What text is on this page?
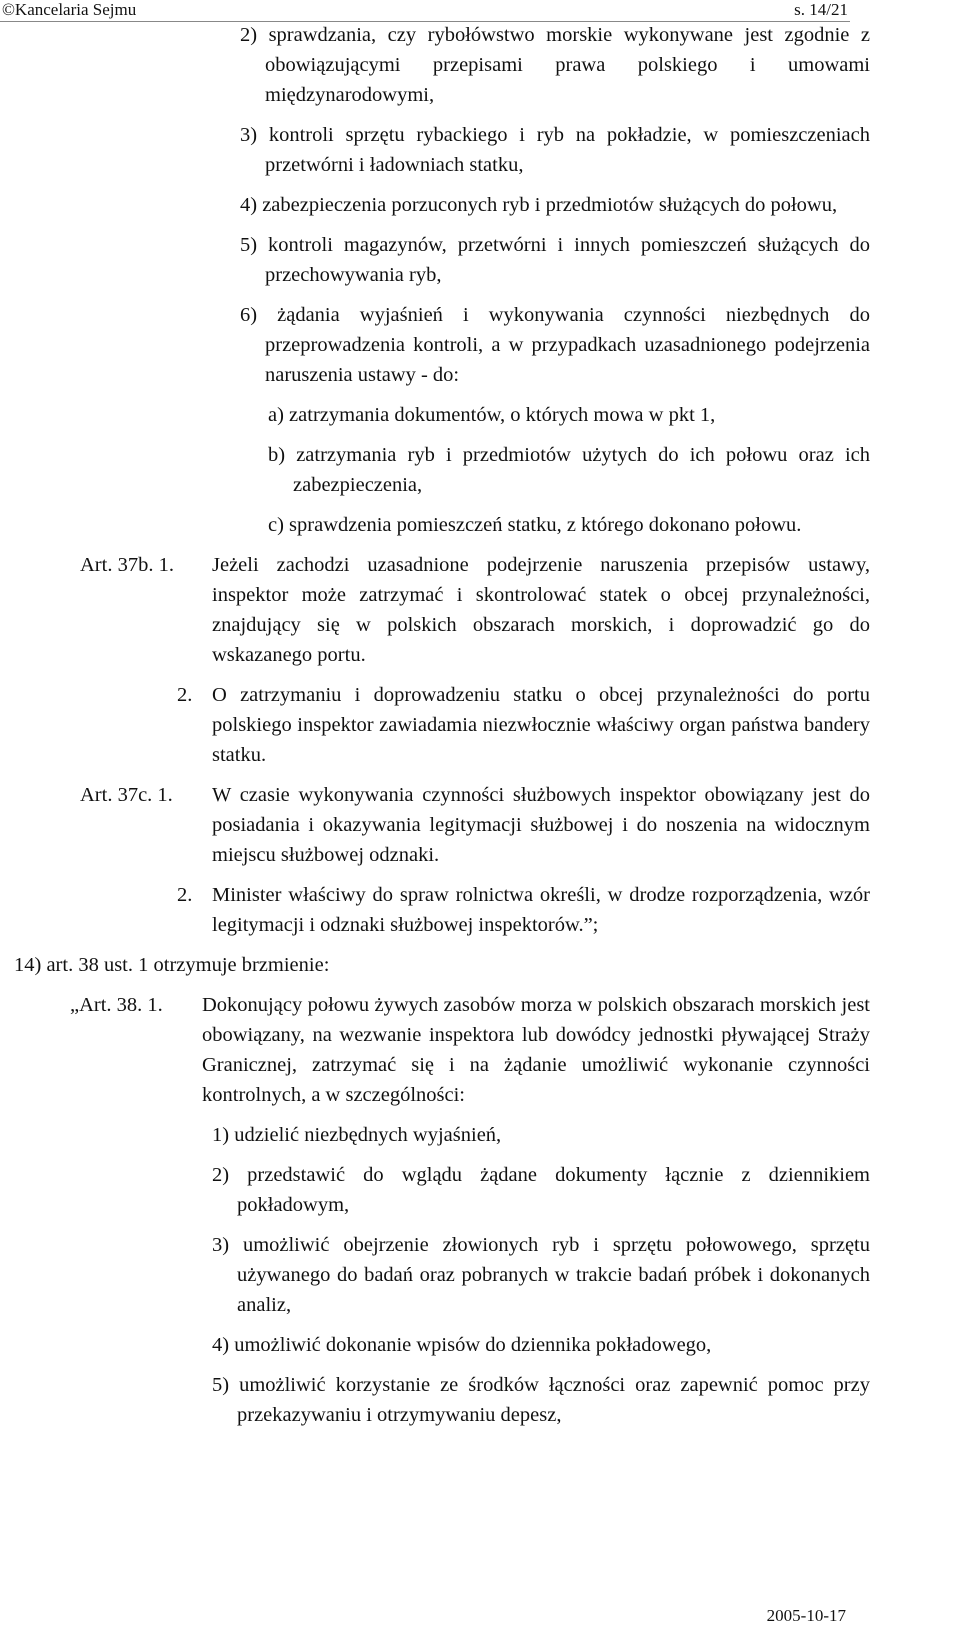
©Kancelaria Sejmu	s. 14/21

2) sprawdzania, czy rybołówstwo morskie wykonywane jest zgodnie z obowiązującymi przepisami prawa polskiego i umowami międzynarodowymi,

3) kontroli sprzętu rybackiego i ryb na pokładzie, w pomieszczeniach przetwórni i ładowniach statku,

4) zabezpieczenia porzuconych ryb i przedmiotów służących do połowu,

5) kontroli magazynów, przetwórni i innych pomieszczeń służących do przechowywania ryb,

6) żądania wyjaśnień i wykonywania czynności niezbędnych do przeprowadzenia kontroli, a w przypadkach uzasadnionego podejrzenia naruszenia ustawy - do:

a) zatrzymania dokumentów, o których mowa w pkt 1,

b) zatrzymania ryb i przedmiotów użytych do ich połowu oraz ich zabezpieczenia,

c) sprawdzenia pomieszczeń statku, z którego dokonano połowu.

Art. 37b. 1. Jeżeli zachodzi uzasadnione podejrzenie naruszenia przepisów ustawy, inspektor może zatrzymać i skontrolować statek o obcej przynależności, znajdujący się w polskich obszarach morskich, i doprowadzić go do wskazanego portu.

2. O zatrzymaniu i doprowadzeniu statku o obcej przynależności do portu polskiego inspektor zawiadamia niezwłocznie właściwy organ państwa bandery statku.

Art. 37c. 1. W czasie wykonywania czynności służbowych inspektor obowiązany jest do posiadania i okazywania legitymacji służbowej i do noszenia na widocznym miejscu służbowej odznaki.

2. Minister właściwy do spraw rolnictwa określi, w drodze rozporządzenia, wzór legitymacji i odznaki służbowej inspektorów.”;

14) art. 38 ust. 1 otrzymuje brzmienie:

„Art. 38. 1. Dokonujący połowu żywych zasobów morza w polskich obszarach morskich jest obowiązany, na wezwanie inspektora lub dowódcy jednostki pływającej Straży Granicznej, zatrzymać się i na żądanie umożliwić wykonanie czynności kontrolnych, a w szczególności:

1) udzielić niezbędnych wyjaśnień,

2) przedstawić do wglądu żądane dokumenty łącznie z dziennikiem pokładowym,

3) umożliwić obejrzenie złowionych ryb i sprzętu połowowego, sprzętu używanego do badań oraz pobranych w trakcie badań próbek i dokonanych analiz,

4) umożliwić dokonanie wpisów do dziennika pokładowego,

5) umożliwić korzystanie ze środków łączności oraz zapewnić pomoc przy przekazywaniu i otrzymywaniu depesz,

2005-10-17
